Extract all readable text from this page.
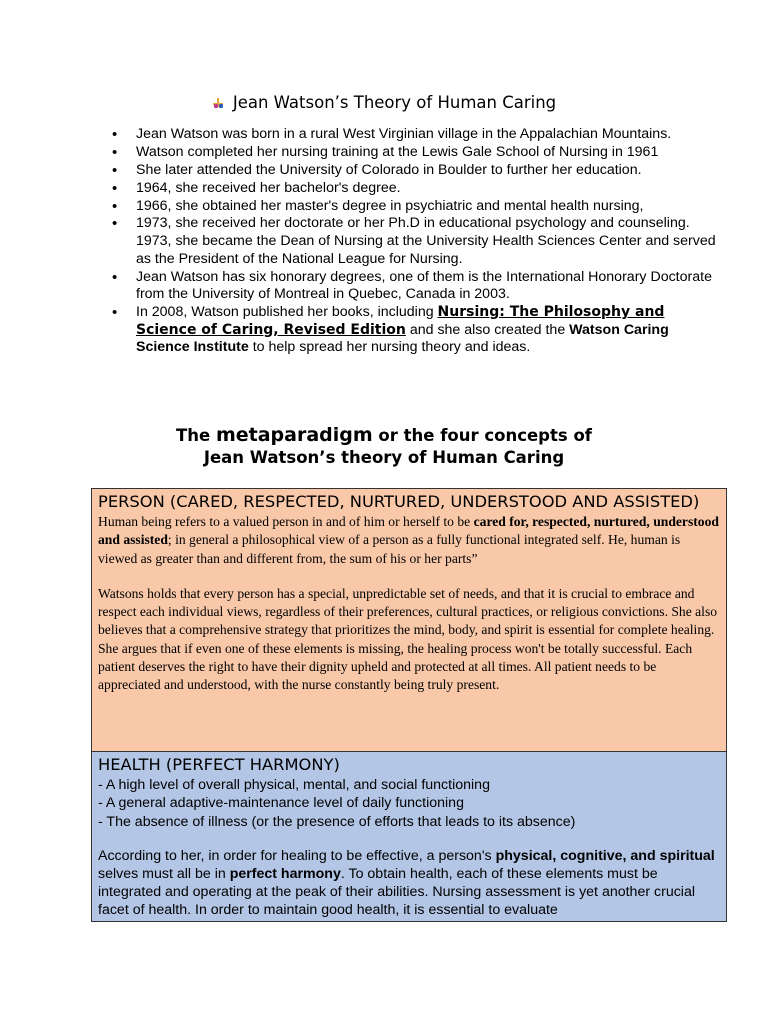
Jean Watson’s Theory of Human Caring
• Jean Watson was born in a rural West Virginian village in the Appalachian Mountains.
• Watson completed her nursing training at the Lewis Gale School of Nursing in 1961
• She later attended the University of Colorado in Boulder to further her education.
• 1964, she received her bachelor's degree.
• 1966, she obtained her master's degree in psychiatric and mental health nursing,
• 1973, she received her doctorate or her Ph.D in educational psychology and counseling. 1973, she became the Dean of Nursing at the University Health Sciences Center and served as the President of the National League for Nursing.
• Jean Watson has six honorary degrees, one of them is the International Honorary Doctorate from the University of Montreal in Quebec, Canada in 2003.
• In 2008, Watson published her books, including Nursing: The Philosophy and Science of Caring, Revised Edition and she also created the Watson Caring Science Institute to help spread her nursing theory and ideas.
The metaparadigm or the four concepts of
Jean Watson’s theory of Human Caring
PERSON (CARED, RESPECTED, NURTURED, UNDERSTOOD AND ASSISTED)

Human being refers to a valued person in and of him or herself to be cared for, respected, nurtured, understood and assisted; in general a philosophical view of a person as a fully functional integrated self. He, human is viewed as greater than and different from, the sum of his or her parts”

Watsons holds that every person has a special, unpredictable set of needs, and that it is crucial to embrace and respect each individual views, regardless of their preferences, cultural practices, or religious convictions. She also believes that a comprehensive strategy that prioritizes the mind, body, and spirit is essential for complete healing. She argues that if even one of these elements is missing, the healing process won't be totally successful. Each patient deserves the right to have their dignity upheld and protected at all times. All patient needs to be appreciated and understood, with the nurse constantly being truly present.

HEALTH (PERFECT HARMONY)

- A high level of overall physical, mental, and social functioning

- A general adaptive-maintenance level of daily functioning

- The absence of illness (or the presence of efforts that leads to its absence)

According to her, in order for healing to be effective, a person's physical, cognitive, and spiritual selves must all be in perfect harmony. To obtain health, each of these elements must be integrated and operating at the peak of their abilities. Nursing assessment is yet another crucial facet of health. In order to maintain good health, it is essential to evaluate
